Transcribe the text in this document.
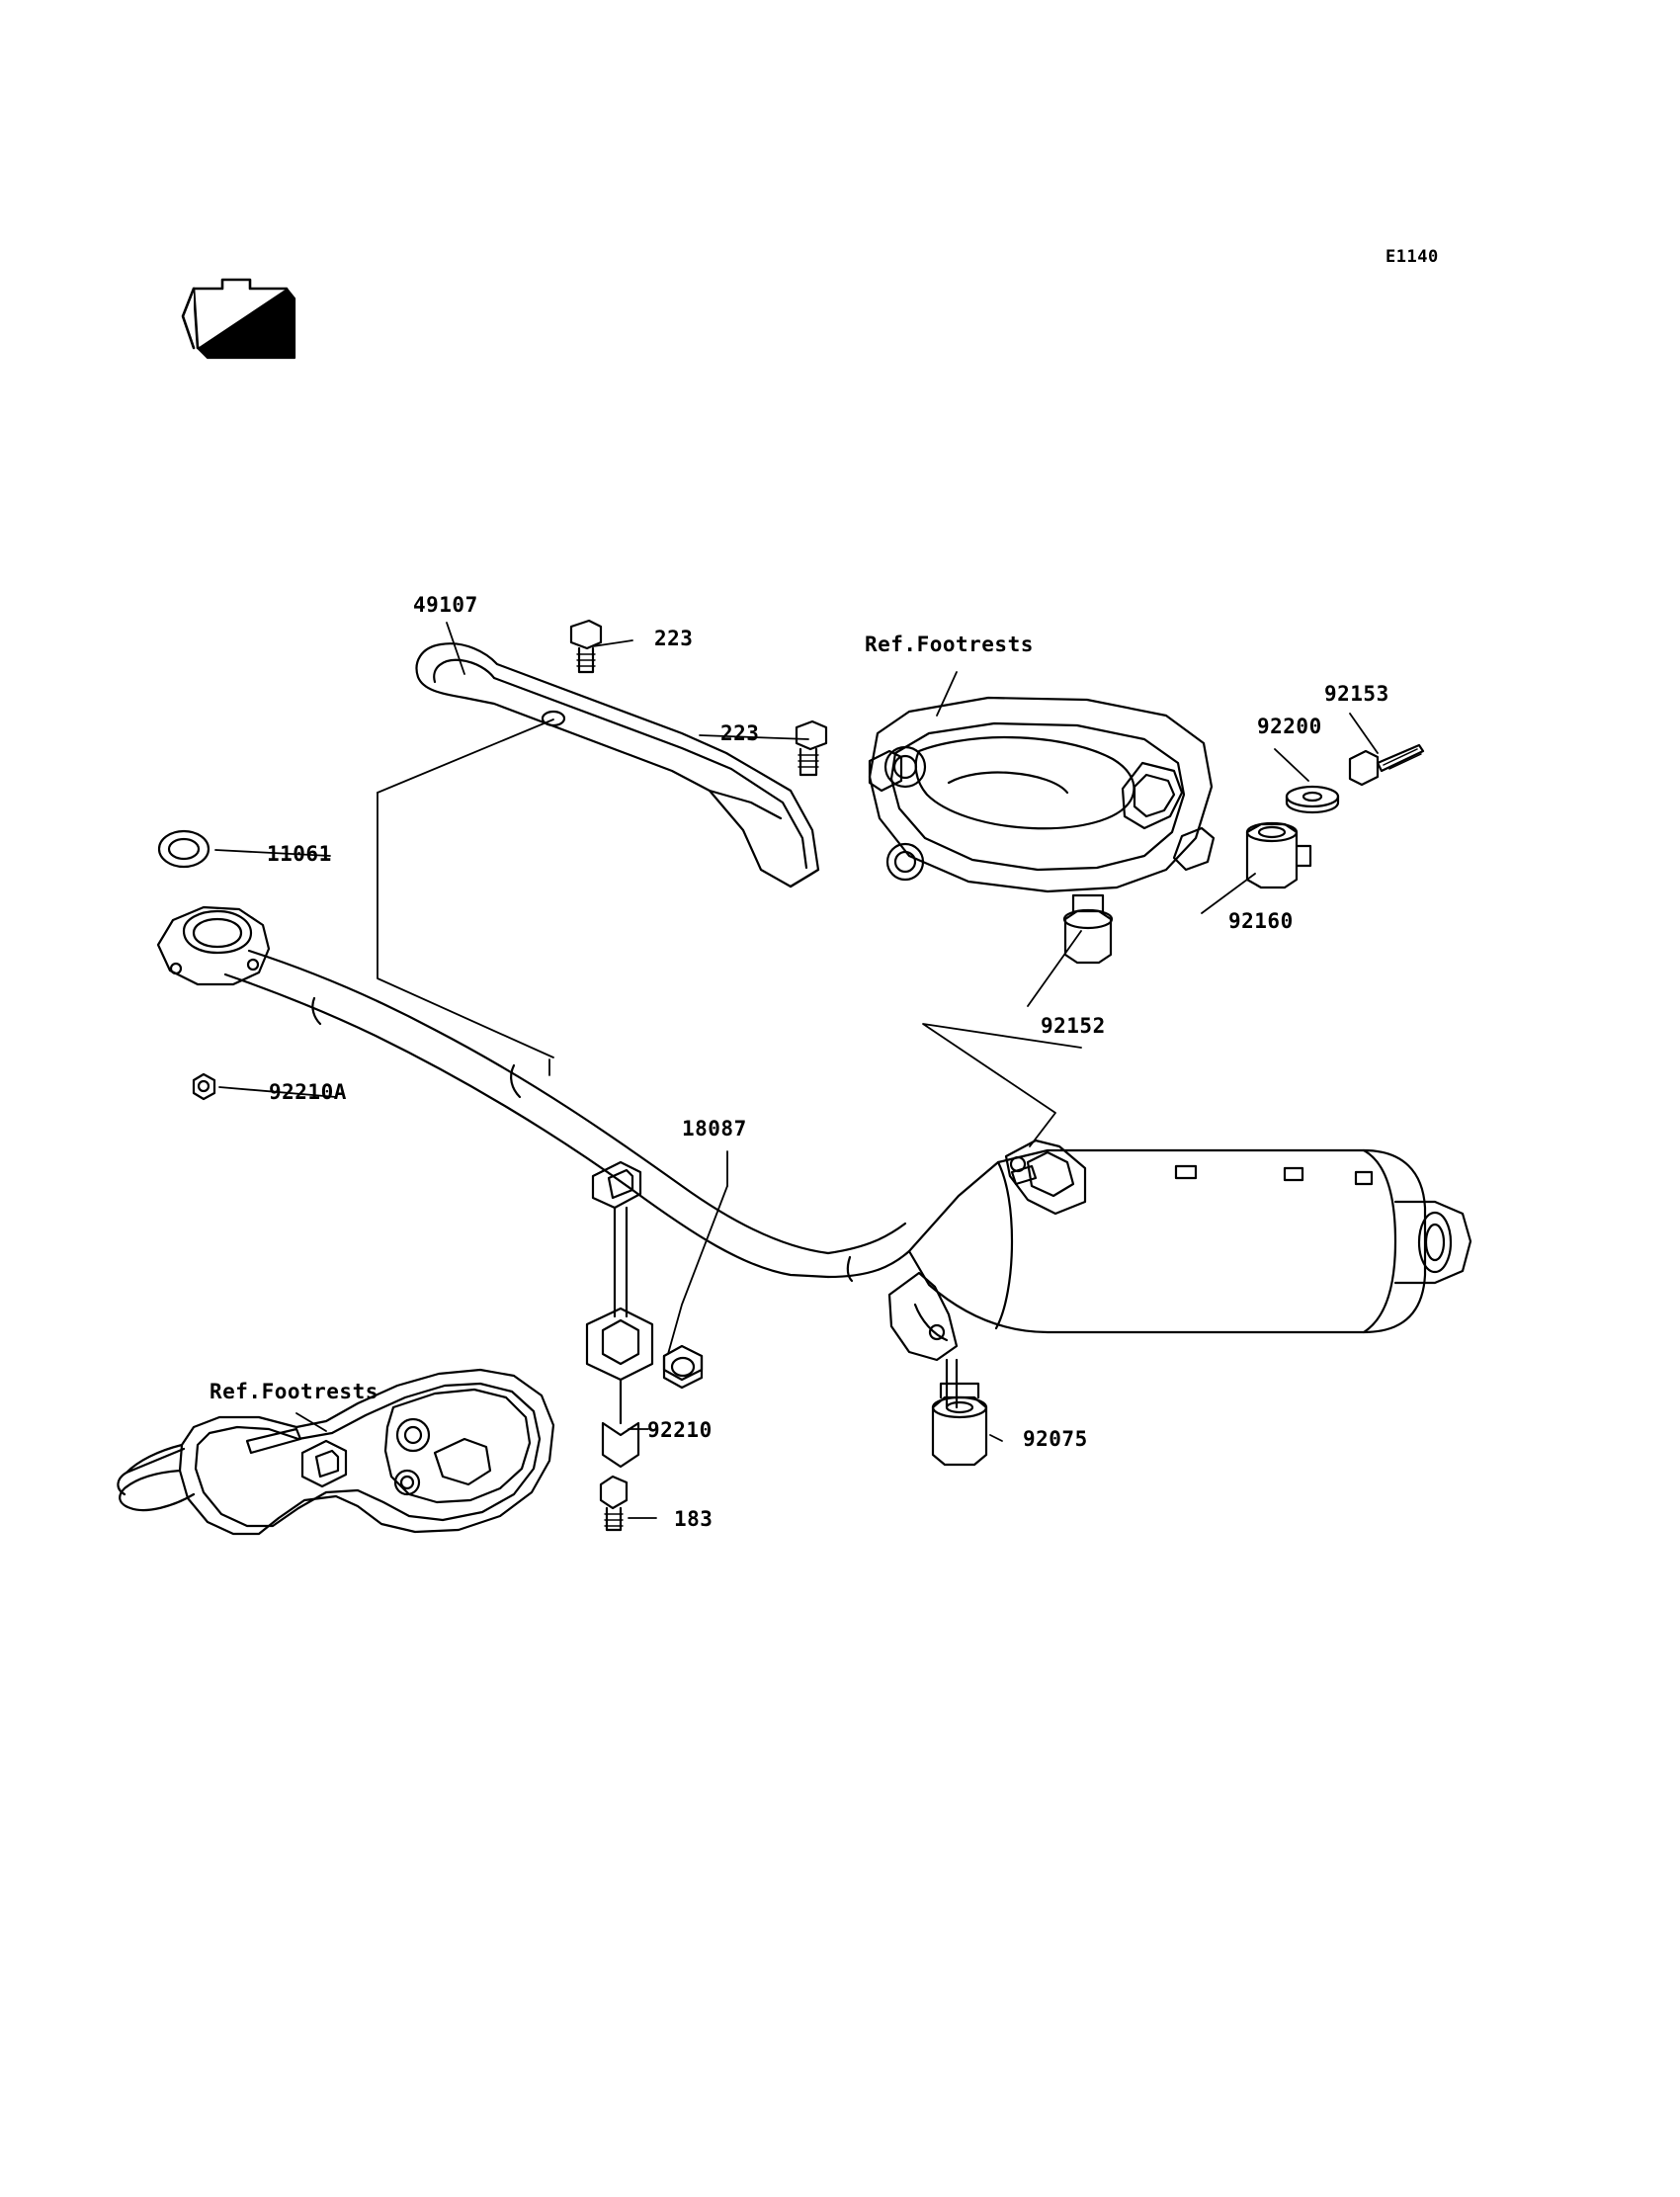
E1140
Ref.Footrests
Ref.Footrests
49107
223
223
11061
92210A
18087
92210
183
92075
92152
92160
92200
92153
